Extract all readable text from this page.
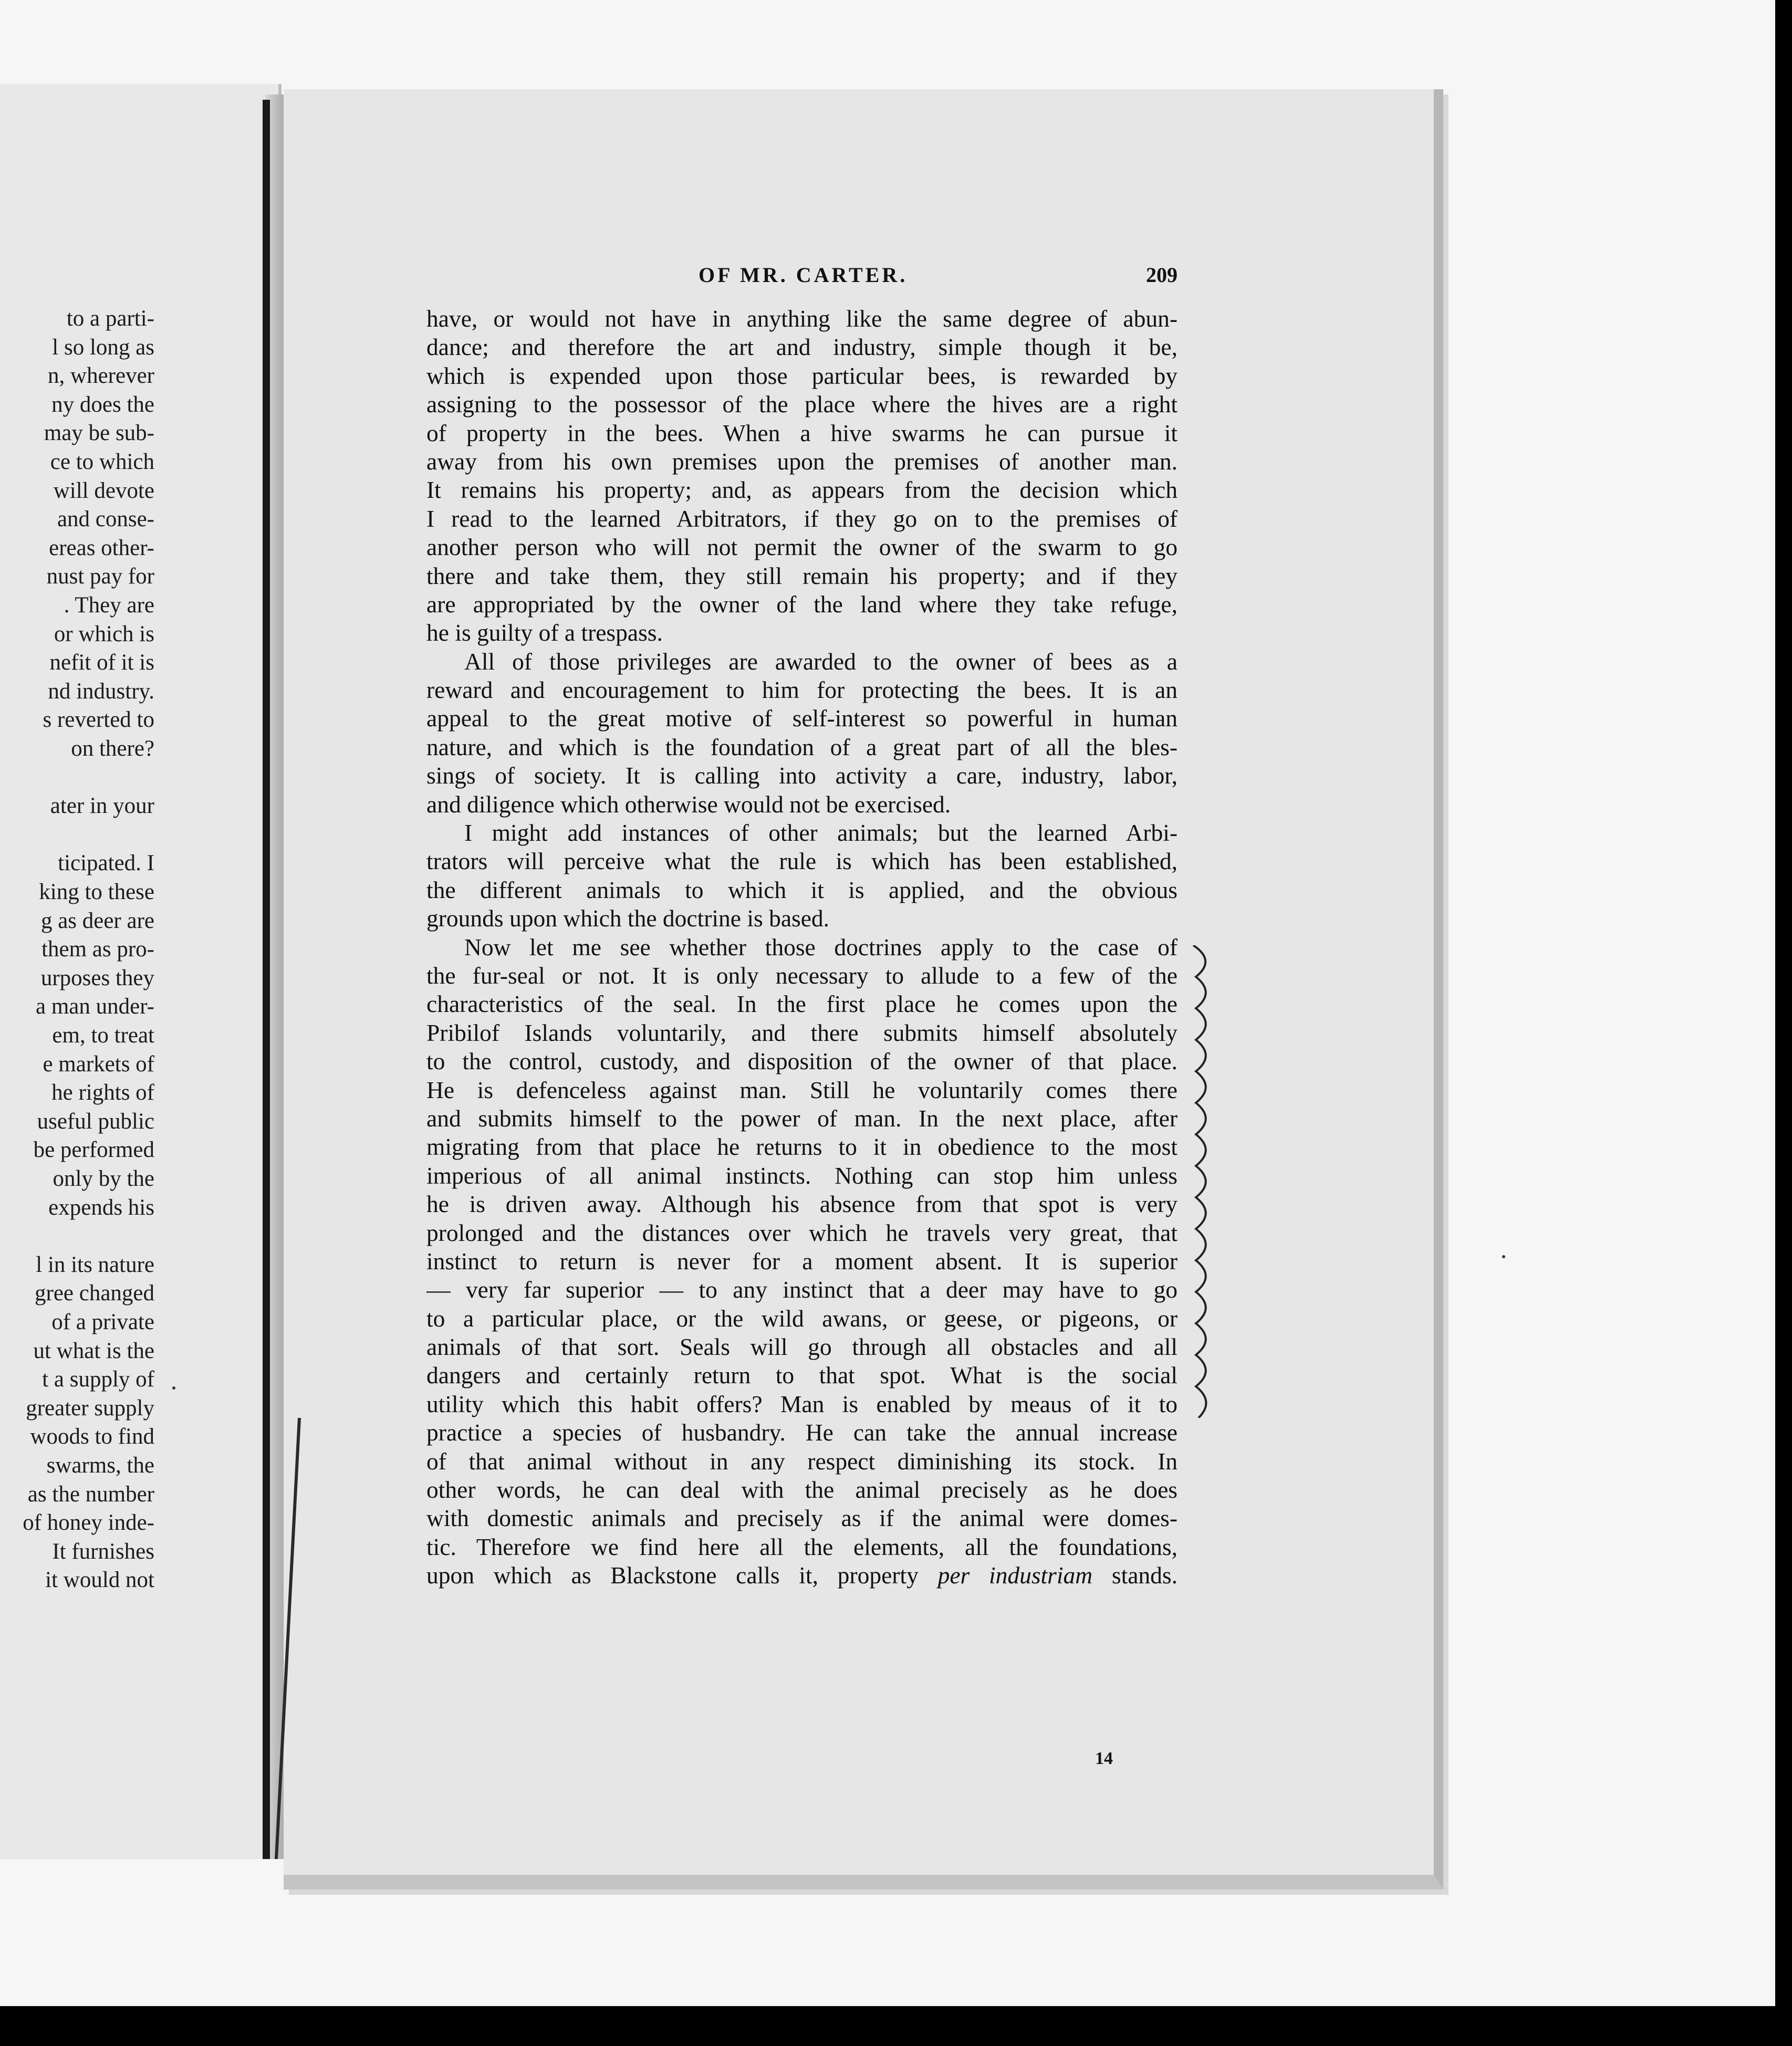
to a parti-
l so long as
n, wherever
ny does the
may be sub-
ce to which
will devote
and conse-
ereas other-
nust pay for
. They are
or which is
nefit of it is
nd industry.
s reverted to
on there?
ater in your
ticipated. I
king to these
g as deer are
them as pro-
urposes they
a man under-
em, to treat
e markets of
he rights of
useful public
be performed
only by the
expends his
l in its nature
gree changed
of a private
ut what is the
t a supply of
greater supply
woods to find
swarms, the
as the number
of honey inde-
It furnishes
it would not
OF MR. CARTER.	209
have, or would not have in anything like the same degree of abun-
dance; and therefore the art and industry, simple though it be,
which is expended upon those particular bees, is rewarded by
assigning to the possessor of the place where the hives are a right
of property in the bees. When a hive swarms he can pursue it
away from his own premises upon the premises of another man.
It remains his property; and, as appears from the decision which
I read to the learned Arbitrators, if they go on to the premises of
another person who will not permit the owner of the swarm to go
there and take them, they still remain his property; and if they
are appropriated by the owner of the land where they take refuge,
he is guilty of a trespass.
All of those privileges are awarded to the owner of bees as a
reward and encouragement to him for protecting the bees. It is an
appeal to the great motive of self-interest so powerful in human
nature, and which is the foundation of a great part of all the bles-
sings of society. It is calling into activity a care, industry, labor,
and diligence which otherwise would not be exercised.
I might add instances of other animals; but the learned Arbi-
trators will perceive what the rule is which has been established,
the different animals to which it is applied, and the obvious
grounds upon which the doctrine is based.
Now let me see whether those doctrines apply to the case of
the fur-seal or not. It is only necessary to allude to a few of the
characteristics of the seal. In the first place he comes upon the
Pribilof Islands voluntarily, and there submits himself absolutely
to the control, custody, and disposition of the owner of that place.
He is defenceless against man. Still he voluntarily comes there
and submits himself to the power of man. In the next place, after
migrating from that place he returns to it in obedience to the most
imperious of all animal instincts. Nothing can stop him unless
he is driven away. Although his absence from that spot is very
prolonged and the distances over which he travels very great, that
instinct to return is never for a moment absent. It is superior
— very far superior — to any instinct that a deer may have to go
to a particular place, or the wild awans, or geese, or pigeons, or
animals of that sort. Seals will go through all obstacles and all
dangers and certainly return to that spot. What is the social
utility which this habit offers? Man is enabled by meaus of it to
practice a species of husbandry. He can take the annual increase
of that animal without in any respect diminishing its stock. In
other words, he can deal with the animal precisely as he does
with domestic animals and precisely as if the animal were domes-
tic. Therefore we find here all the elements, all the foundations,
upon which as Blackstone calls it, property per industriam stands.
14
